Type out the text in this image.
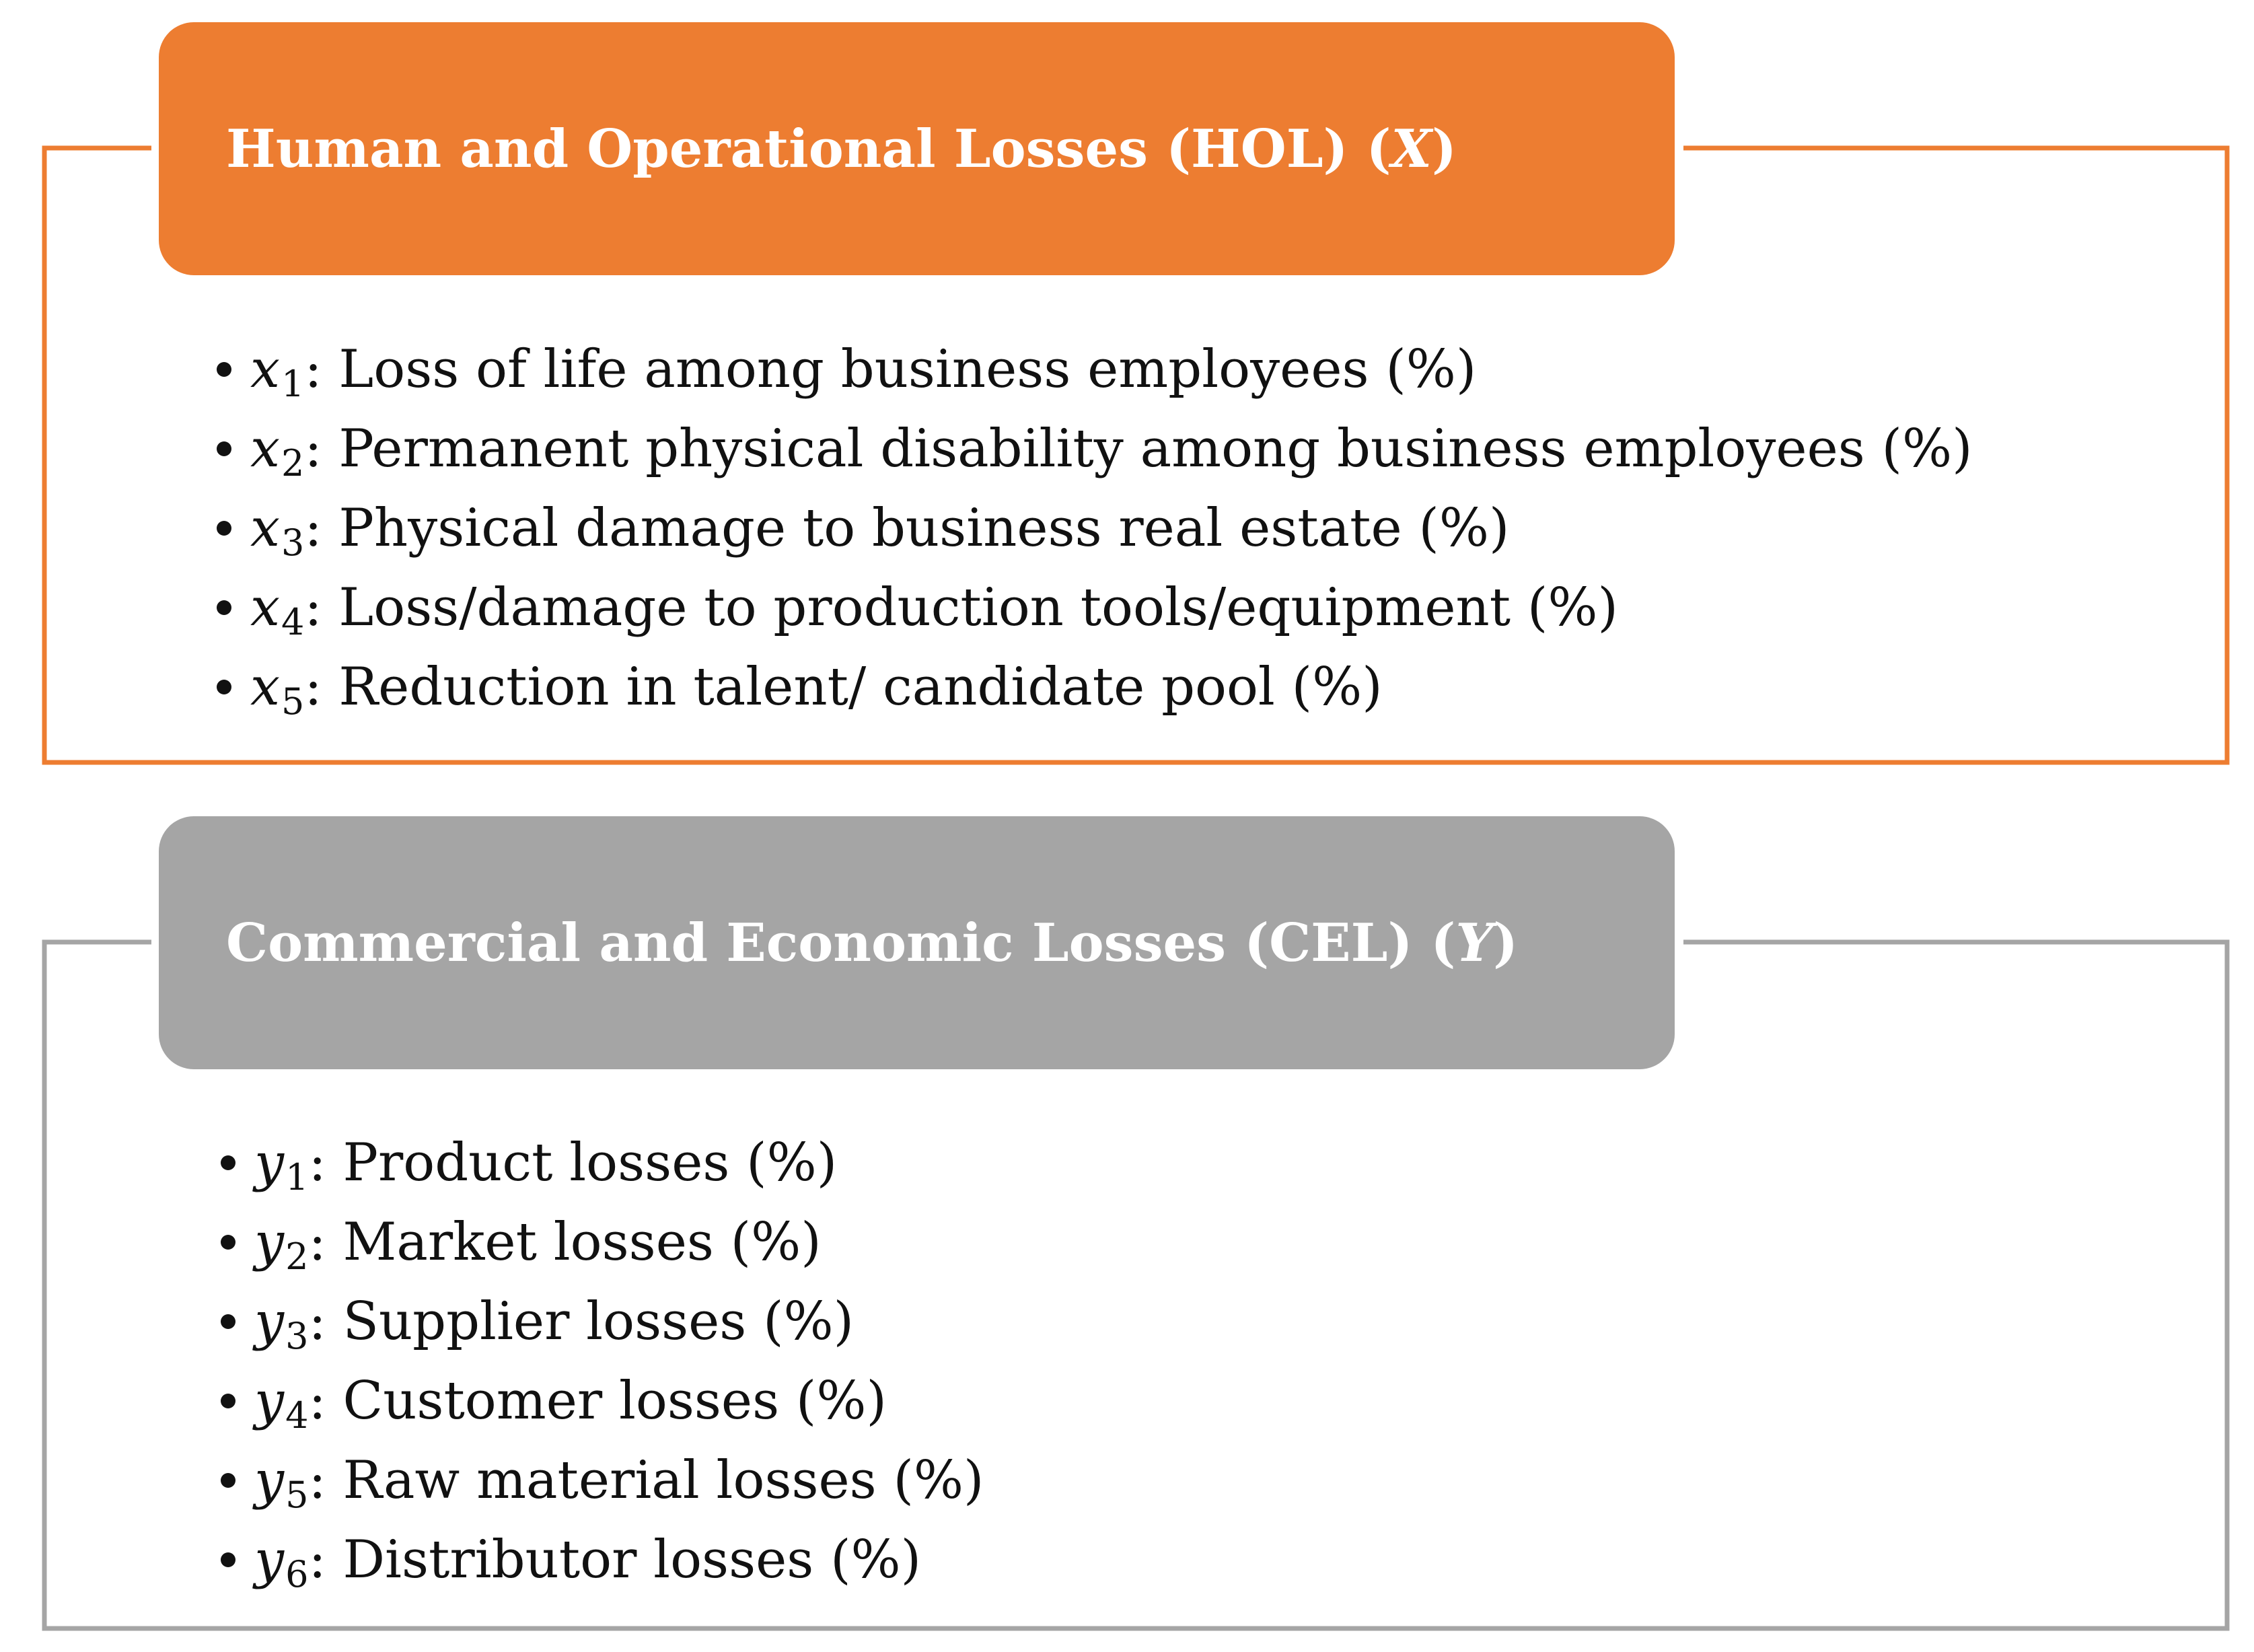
Human and Operational Losses (HOL) ( X )
x 1 : Loss of life among business employees (%)
x 2 : Permanent physical disability among business employees (%)
x 3 : Physical damage to business real estate (%)
x 4 : Loss/damage to production tools/equipment (%)
x 5 : Reduction in talent/ candidate pool (%)
Commercial and Economic Losses (CEL) ( Y )
y 1 : Product losses (%)
y 2 : Market losses (%)
y 3 : Supplier losses (%)
y 4 : Customer losses (%)
y 5 : Raw material losses (%)
y 6 : Distributor losses (%)
